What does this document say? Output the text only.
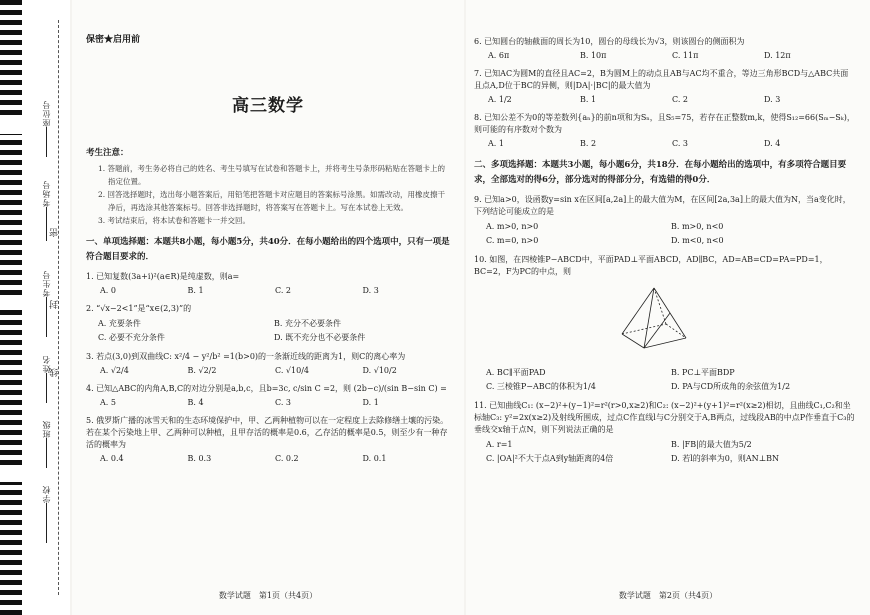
座位号
考场号
考生号
姓名
班级
学校
密
封
线
保密★启用前
高三数学
考生注意：
1. 答题前，考生务必将自己的姓名、考生号填写在试卷和答题卡上，并将考生号条形码粘贴在答题卡上的指定位置。
2. 回答选择题时，选出每小题答案后，用铅笔把答题卡对应题目的答案标号涂黑。如需改动，用橡皮擦干净后，再选涂其他答案标号。回答非选择题时，将答案写在答题卡上。写在本试卷上无效。
3. 考试结束后，将本试卷和答题卡一并交回。
一、单项选择题：本题共8小题，每小题5分，共40分．在每小题给出的四个选项中，只有一项是符合题目要求的．
1. 已知复数(3a+i)²(a∈R)是纯虚数，则a=
A. 0	B. 1	C. 2	D. 3
2. “√x−2<1”是“x∈(2,3)”的
A. 充要条件	B. 充分不必要条件
C. 必要不充分条件	D. 既不充分也不必要条件
3. 若点(3,0)到双曲线C: x²/4 − y²/b² =1(b>0)的一条渐近线的距离为1，则C的离心率为
A. √2/4	B. √2/2	C. √10/4	D. √10/2
4. 已知△ABC的内角A,B,C的对边分别是a,b,c，且b=3c, c/sin C =2，则 (2b−c)/(sin B−sin C) =
A. 5	B. 4	C. 3	D. 1
5. 俄罗斯广播的冰雪天和的生态环境保护中，甲、乙两种植物可以在一定程度上去除修缮土壤的污染。若在某个污染地上甲、乙两种可以种植，且甲存活的概率是0.6，乙存活的概率是0.5，则至少有一种存活的概率为
A. 0.4	B. 0.3	C. 0.2	D. 0.1
数学试题　第1页（共4页）
6. 已知圆台的轴截面的周长为10，圆台的母线长为√3，则该圆台的侧面积为
A. 6π	B. 10π	C. 11π	D. 12π
7. 已知AC为圆M的直径且AC=2，B为圆M上的动点且AB与AC均不重合，等边三角形BCD与△ABC共面且点A,D位于BC的异侧，则|DA|·|BC|的最大值为
A. 1/2	B. 1	C. 2	D. 3
8. 已知公差不为0的等差数列{aₙ}的前n项和为Sₙ，且S₅=75，若存在正整数m,k，使得S₁₂=66(Sₘ−Sₖ)，则可能的有序数对个数为
A. 1	B. 2	C. 3	D. 4
二、多项选择题：本题共3小题，每小题6分，共18分．在每小题给出的选项中，有多项符合题目要求，全部选对的得6分，部分选对的得部分分，有选错的得0分．
9. 已知a>0，设函数y=sin x在区间[a,2a]上的最大值为M，在区间[2a,3a]上的最大值为N，当a变化时，下列结论可能成立的是
A. m>0, n>0	B. m>0, n<0
C. m=0, n>0	D. m<0, n<0
10. 如图，在四棱锥P−ABCD中，平面PAD⊥平面ABCD，AD∥BC，AD=AB=CD=PA=PD=1，BC=2，F为PC的中点，则
A. BC∥平面PAD	B. PC⊥平面BDP
C. 三棱锥P−ABC的体积为1/4	D. PA与CD所成角的余弦值为1/2
11. 已知曲线C₁: (x−2)²+(y−1)²=r²(r>0,x≥2)和C₂: (x−2)²+(y+1)²=r²(x≥2)相切，且曲线C₁,C₂和坐标轴C₃: y²=2x(x≥2)及射线所围成，过点C作直线l与C分别交于A,B两点，过线段AB的中点P作垂直于C₃的垂线交x轴于点N，则下列说法正确的是
A. r=1	B. |FB|的最大值为5/2
C. |OA|²不大于点A到y轴距离的4倍	D. 若l的斜率为0，则AN⊥BN
数学试题　第2页（共4页）
